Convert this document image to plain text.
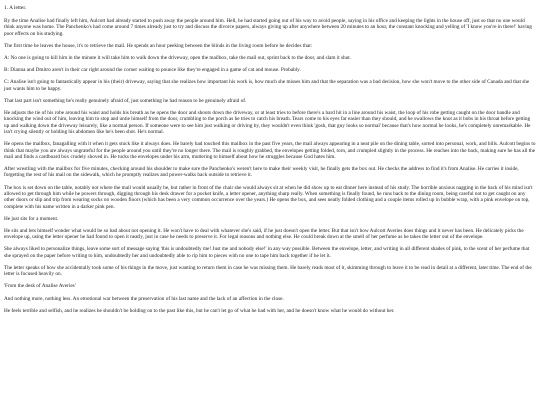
1. A letter.

By the time Analise had finally left him, Aulcott had already started to push away the people around him. Hell, he had started going out of his way to avoid people, saying in his office and keeping the lights in the house off, just so that no one would think anyone was home. The Panchenko's had come around 7 times already just to try and discuss the divorce papers, always giving up after anywhere between 20 minutes to an hour, the constant knocking and yelling of 'I know you're in there!' having poor effects on his studying.

The first time he leaves the house, it's to retrieve the mail. He spends an hour peeking between the blinds in the living room before he decides that:

A: No one is going to kill him in the minute it will take him to walk down the driveway, open the mailbox, take the mail out, sprint back to the door, and slam it shut.

B: Dianna and Dmitro aren't in their car right around the corner waiting to pounce like they're engaged in a game of cat and mouse. Probably.

C: Analise isn't going to fantastically appear in his (their) driveway, saying that she realizes how important his work is, how much she misses him and that the separation was a bad decision, how she won't move to the other side of Canada and that she just wants him to be happy.

That last part isn't something he's really genuinely afraid of, just something he had reason to be genuinely afraid of.

He adjusts the tie of his robe around his waist and holds his breath as he opens the door and shoots down the driveway, or at least tries to before there's a hard hit in a line around his waist, the loop of his robe getting caught on the door handle and knocking the wind out of him, leaving him to stop and untie himself from the door, crumbling to the porch as he tries to catch his breath. Tears come to his eyes far easier than they should, and he swallows the knot as it bobs in his throat before getting up and walking down the driveway leisurely, like a normal person. If someone were to see him just walking or driving by, they wouldn't even think 'gosh, that guy looks so normal' because that's how normal he looks, he's completely unremarkable. He isn't crying silently or holding his abdomen like he's been shot. He's normal.

He opens the mailbox, fanagalling with it when it gets stuck like it always does. He barely had touched this mailbox in the past five years, the mail always appearing in a neat pile on the dining table, sorted into personal, work, and bills. Aulcott begins to think that maybe you are always ungrateful for the people around you until they're no longer there. The mail is roughly grabbed, the envelopes getting folded, torn, and crumpled slightly in the process. He reaches into the back, making sure he has all the mail and finds a cardboard box crudely shoved in. He tucks the envelopes under his arm, muttering to himself about how he struggles because God hates him.

After wrestling with the mailbox for five minutes, checking around his shoulder to make sure the Panchenko's weren't here to make their weekly visit, he finally gets the box out. He checks the address to find it's from Analise. He carries it inside, forgetting the rest of his mail on the sidewalk, which he promptly realizes and power-walks back outside to retrieve it.

The box is set down on the table, notably not where the mail would usually be, but rather in front of the chair she would always sit at when he did show up to eat dinner here instead of his study. The horrible anxious nagging in the back of his mind isn't allowed to get through him while he powers through, digging through his desk drawer for a pocket knife, a letter opener, anything sharp really. When something is finally found, he runs back to the dining room, being careful not to get caught on any other doors or slip and trip from wearing socks on wooden floors (which has been a very common occurrence over the years.) He opens the box, and sees neatly folded clothing and a couple items rolled up in bubble wrap, with a pink envelope on top, complete with his name written in a darker pink pen.

He just sits for a moment.

He sits and lets himself wonder what would be so bad about not opening it. He won't have to deal with whatever she's said, if he just doesn't open the letter. But that isn't how Aulcott Averies does things and it never has been. He delicately picks the envelope up, using the letter opener he had found to open it neatly, just in case he needs to preserve it. For legal reasons and nothing else. He could break down at the smell of her perfume as he takes the letter out of the envelope.

She always liked to personalize things, leave some sort of message saying 'this is undoubtedly me! Just me and nobody else!' in any way possible. Between the envelope, letter, and writing in all different shades of pink, to the scent of her perfume that she sprayed on the paper before writing to him, undoubtedly her and undoubtedly able to rip him to pieces with no one to tape him back together if he let it.

The letter speaks of how she accidentally took some of his things in the move, just wanting to return them in case he was missing them. He barely reads most of it, skimming through to leave it to be read in detail at a different, later time. The end of the letter is focused heavily on.

'From the desk of Analise Averies'

And nothing more, nothing less. An emotional war between the preservation of his last name and the lack of an affection in the close.

He feels terrible and selfish, and he realizes he shouldn't be holding on to the past like this, but he can't let go of what he had with her, and he doesn't know what he would do without her.
